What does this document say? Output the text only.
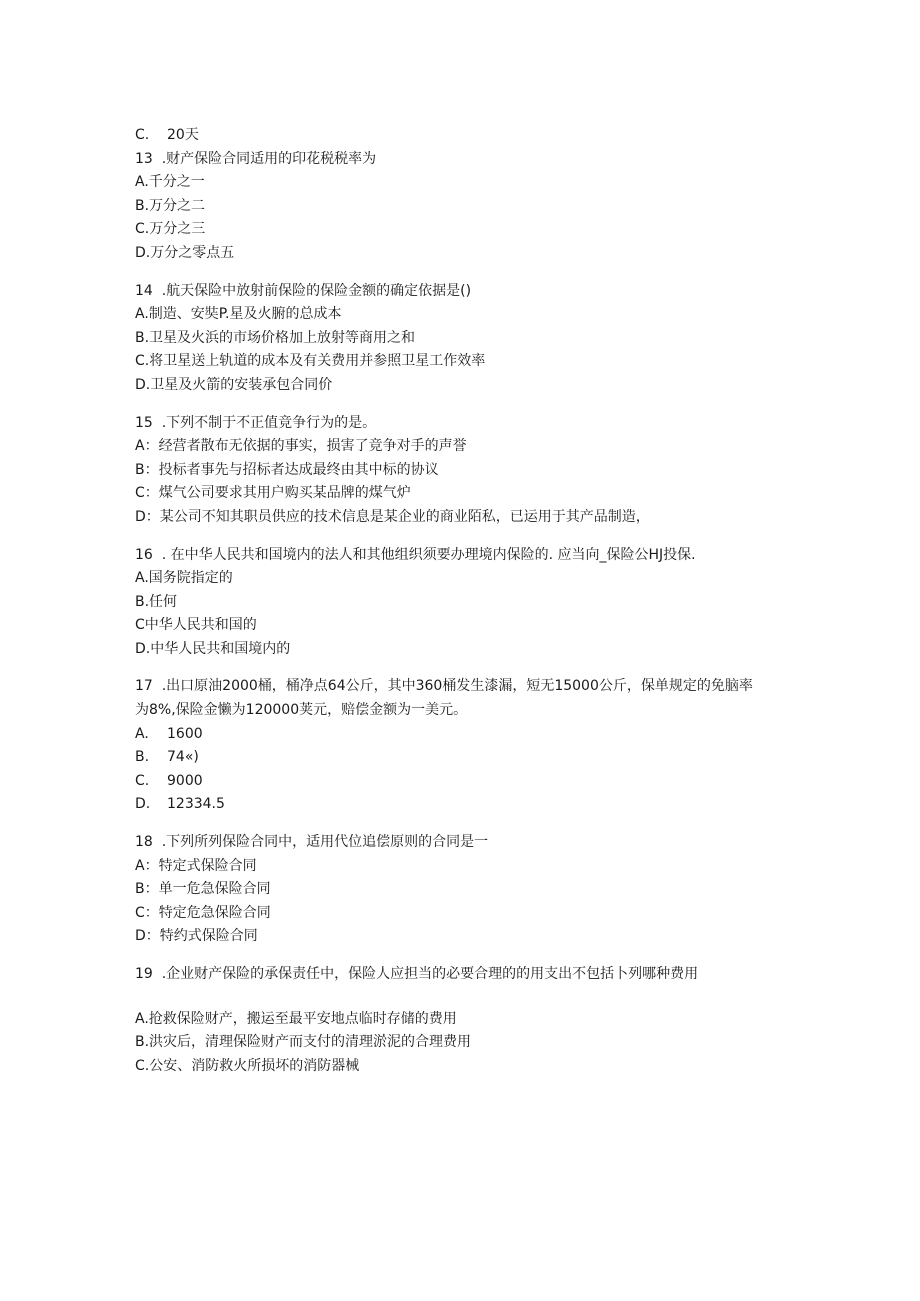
C. 20天
13  .财产保险合同适用的印花税税率为
A.千分之一
B.万分之二
C.万分之三
D.万分之零点五
14  .航天保险中放射前保险的保险金额的确定依据是()
A.制造、安奘P.星及火腑的总成本
B.卫星及火浜的市场价格加上放射等商用之和
C.将卫星送上轨道的成本及有关费用并参照卫星工作效率
D.卫星及火箭的安装承包合同价
15  .下列不制于不正值竞争行为的是。
A：经营者散布无依据的事实，损害了竞争对手的声誉
B：投标者事先与招标者达成最终由其中标的协议
C：煤气公司要求其用户购买某品牌的煤气炉
D：某公司不知其职员供应的技术信息是某企业的商业陌私，已运用于其产品制造，
16  . 在中华人民共和国境内的法人和其他组织须要办理境内保险的. 应当向_保险公HJ投保.
A.国务院指定的
B.任何
C中华人民共和国的
D.中华人民共和国境内的
17  .出口原油2000桶，桶净点64公斤，其中360桶发生漆漏，短无15000公斤，保单规定的免脑率
为8%,保险金懒为120000荚元，赔偿金额为一美元。
A. 1600
B. 74«)
C. 9000
D. 12334.5
18  .下列所列保险合同中，适用代位追偿原则的合同是一
A：特定式保险合同
B：单一危急保险合同
C：特定危急保险合同
D：特约式保险合同
19  .企业财产保险的承保责任中，保险人应担当的必要合理的的用支出不包括卜列哪种费用
A.抢救保险财产，搬运至最平安地点临时存储的费用
B.洪灾后，清理保险财产而支付的清理淤泥的合理费用
C.公安、消防救火所损坏的消防器械
